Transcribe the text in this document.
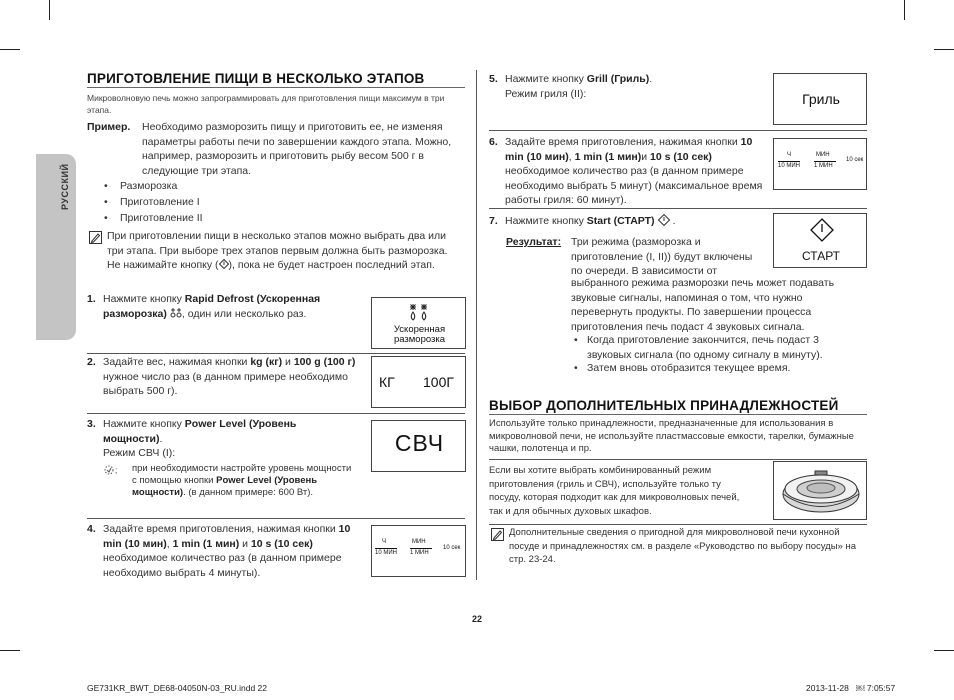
РУССКИЙ
ПРИГОТОВЛЕНИЕ ПИЩИ В НЕСКОЛЬКО ЭТАПОВ
Микроволновую печь можно запрограммировать для приготовления пищи максимум в три этапа.
Пример. Необходимо разморозить пищу и приготовить ее, не изменяя параметры работы печи по завершении каждого этапа. Можно, например, разморозить и приготовить рыбу весом 500 г в следующие три этапа.
• Разморозка
• Приготовление I
• Приготовление II
При приготовлении пищи в несколько этапов можно выбрать два или три этапа. При выборе трех этапов первым должна быть разморозка. Не нажимайте кнопку ( ), пока не будет настроен последний этап.
1. Нажмите кнопку Rapid Defrost (Ускоренная разморозка) , один или несколько раз.
Ускоренная
разморозка
2. Задайте вес, нажимая кнопки kg (кг) и 100 g (100 г) нужное число раз (в данном примере необходимо выбрать 500 г).
КГ 100Г
3. Нажмите кнопку Power Level (Уровень мощности).
Режим СВЧ (I):
; при необходимости настройте уровень мощности с помощью кнопки Power Level (Уровень мощности). (в данном примере: 600 Вт).
СВЧ
4. Задайте время приготовления, нажимая кнопки 10 min (10 мин), 1 min (1 мин) и 10 s (10 сек) необходимое количество раз (в данном примере необходимо выбрать 4 минуты).
Ч
10 МИН
МИН
1 МИН
10 сек
5. Нажмите кнопку Grill (Гриль).
Режим гриля (II):	Гриль
6. Задайте время приготовления, нажимая кнопки 10 min (10 мин), 1 min (1 мин)и 10 s (10 сек) необходимое количество раз (в данном примере необходимо выбрать 5 минут) (максимальное время работы гриля: 60 минут).
Ч
10 МИН
МИН
1 МИН
10 сек
7. Нажмите кнопку Start (СТАРТ) .
СТАРТ
Результат: Три режима (разморозка и приготовление (I, II)) будут включены по очереди. В зависимости от
выбранного режима разморозки печь может подавать звуковые сигналы, напоминая о том, что нужно перевернуть продукты. По завершении процесса приготовления печь подаст 4 звуковых сигнала.
• Когда приготовление закончится, печь подаст 3 звуковых сигнала (по одному сигналу в минуту).
• Затем вновь отобразится текущее время.
ВЫБОР ДОПОЛНИТЕЛЬНЫХ ПРИНАДЛЕЖНОСТЕЙ
Используйте только принадлежности, предназначенные для использования в микроволновой печи, не используйте пластмассовые емкости, тарелки, бумажные чашки, полотенца и пр.
Если вы хотите выбрать комбинированный режим приготовления (гриль и СВЧ), используйте только ту посуду, которая подходит как для микроволновых печей, так и для обычных духовых шкафов.
Дополнительные сведения о пригодной для микроволновой печи кухонной посуде и принадлежностях см. в разделе «Руководство по выбору посуды» на стр. 23-24.
22
GE731KR_BWT_DE68-04050N-03_RU.indd 22	2013-11-28 ￼ 7:05:57
